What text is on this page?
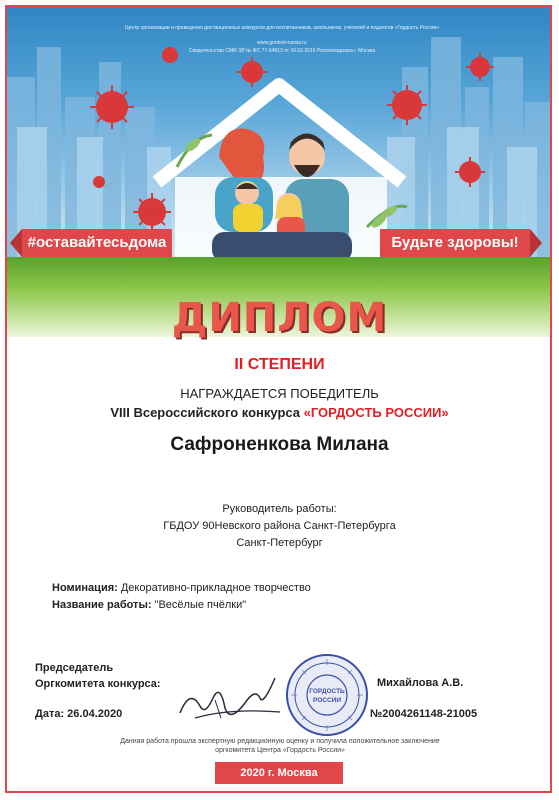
Центр организации и проведения дистанционных конкурсов для воспитанников, школьников, учителей и педагогов «Гордость России»
www.gordost-russia.ru
Свидетельство СМИ ЭЛ № ФС 77-64913 от 16.02.2016 Роскомнадзора г. Москва
#оставайтесьдома	Будьте здоровы!
ДИПЛОМ
II СТЕПЕНИ
НАГРАЖДАЕТСЯ ПОБЕДИТЕЛЬ
VIII Всероссийского конкурса «ГОРДОСТЬ РОССИИ»
Сафроненкова Милана
Руководитель работы:
ГБДОУ 90Невского района Санкт-Петербурга
Санкт-Петербург
Номинация: Декоративно-прикладное творчество
Название работы: "Весёлые пчёлки"
Председатель
Оргкомитета конкурса:
ГОРДОСТЬ
РОССИИ
Михайлова А.В.
Дата: 26.04.2020	№2004261148-21005
Данная работа прошла экспертную редакционную оценку и получила положительное заключение
оргкомитета Центра «Гордость России»
2020 г. Москва
